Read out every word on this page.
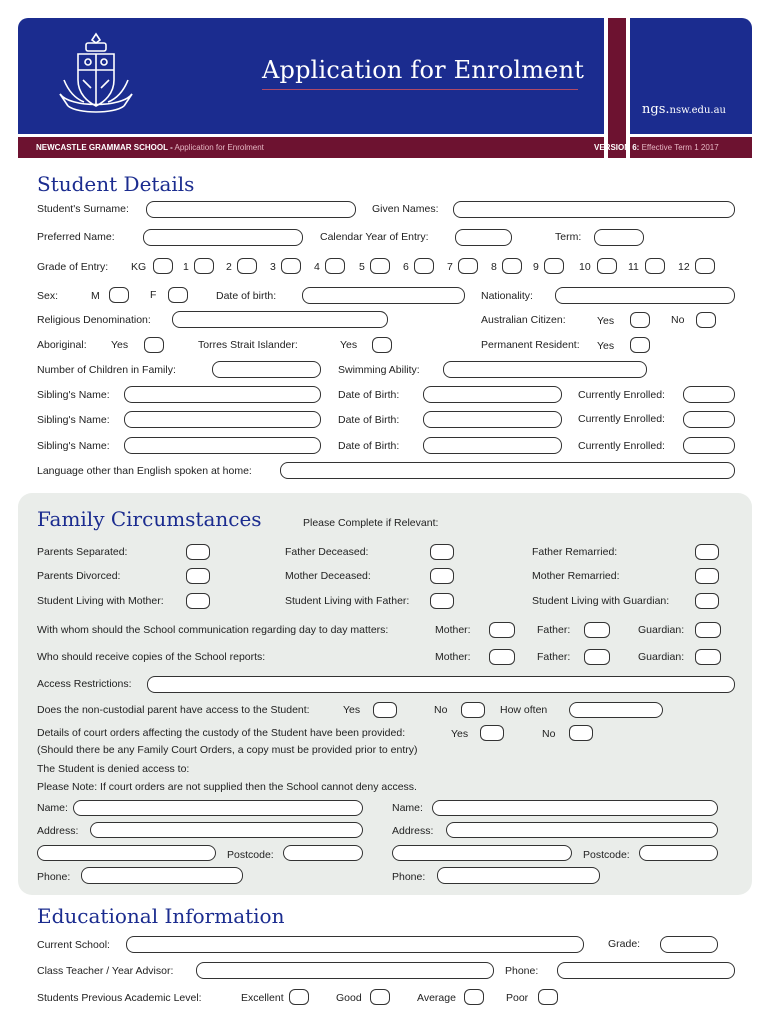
Application for Enrolment
ngs.nsw.edu.au
NEWCASTLE GRAMMAR SCHOOL - Application for Enrolment	VERSION 6: Effective Term 1 2017
Student Details
Student's Surname:	Given Names:
Preferred Name:	Calendar Year of Entry:	Term:
Grade of Entry: KG	1	2	3	4	5	6	7	8	9	10	11	12
Sex:	M	F	Date of birth:	Nationality:
Religious Denomination:	Australian Citizen:	Yes	No
Aboriginal: Yes	Torres Strait Islander:	Yes	Permanent Resident: Yes
Number of Children in Family:	Swimming Ability:
Sibling's Name:	Date of Birth:	Currently Enrolled:
Sibling's Name:	Date of Birth:	Currently Enrolled:
Sibling's Name:	Date of Birth:	Currently Enrolled:
Language other than English spoken at home:
Family Circumstances	Please Complete if Relevant:
Parents Separated:	Father Deceased:	Father Remarried:
Parents Divorced:	Mother Deceased:	Mother Remarried:
Student Living with Mother:	Student Living with Father:	Student Living with Guardian:
With whom should the School communication regarding day to day matters:	Mother:	Father:	Guardian:
Who should receive copies of the School reports:	Mother:	Father:	Guardian:
Access Restrictions:
Does the non-custodial parent have access to the Student:	Yes	No	How often
Details of court orders affecting the custody of the Student have been provided:	Yes	No
(Should there be any Family Court Orders, a copy must be provided prior to entry)
The Student is denied access to:
Please Note: If court orders are not supplied then the School cannot deny access.
Name:	Name:
Address:	Address:
Postcode:	Postcode:
Phone:	Phone:
Educational Information
Current School:	Grade:
Class Teacher / Year Advisor:	Phone:
Students Previous Academic Level:	Excellent	Good	Average	Poor
